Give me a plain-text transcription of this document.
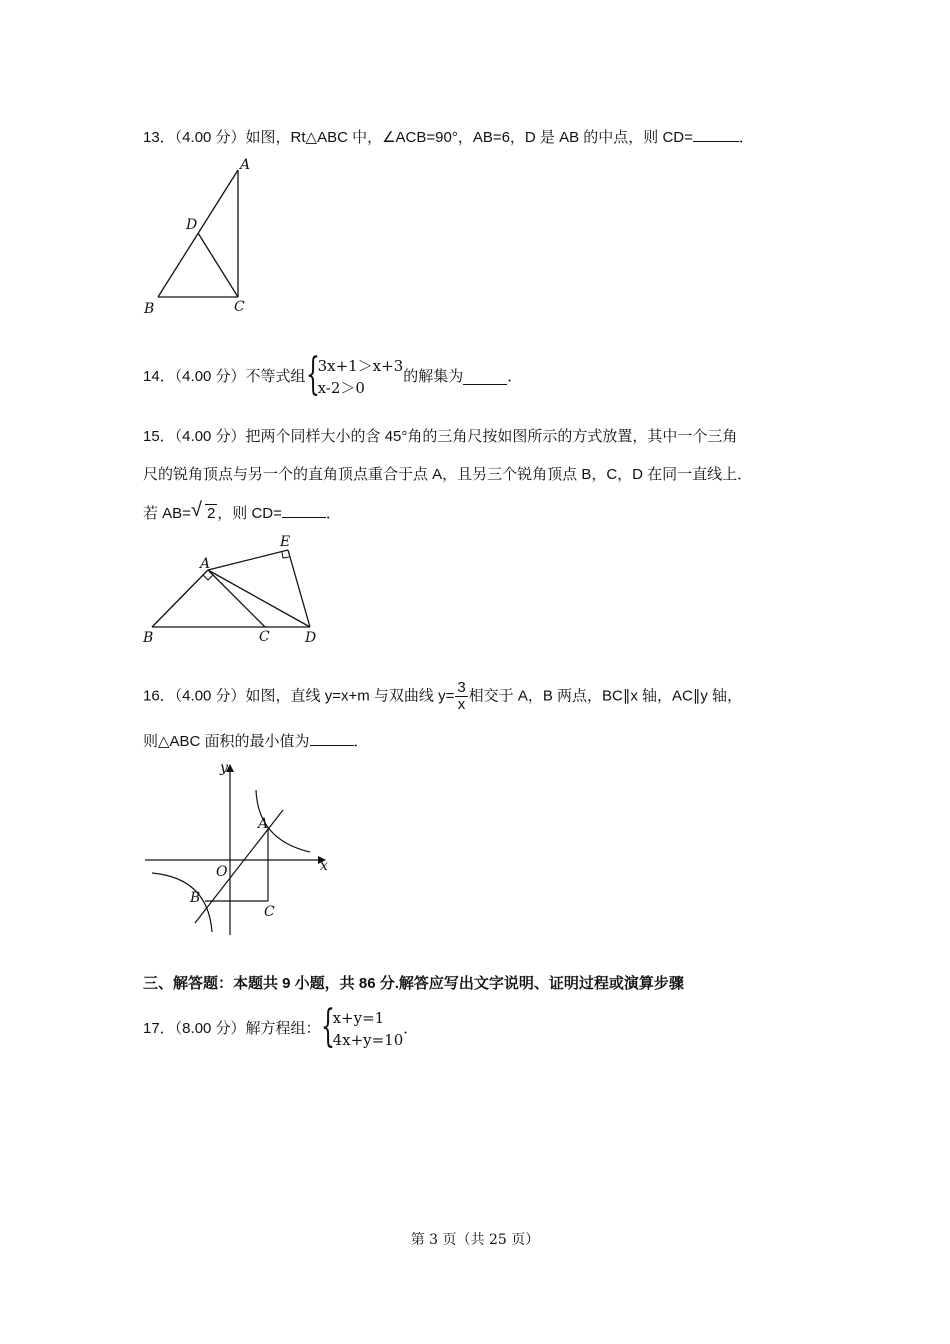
13．（4.00 分）如图，Rt△ABC 中，∠ACB=90°，AB=6，D 是 AB 的中点，则 CD=	．
A
D
B	C
14．（4.00 分）不等式组 {
3x+1＞x+3
x-2＞0
的解集为	．
15．（4.00 分）把两个同样大小的含 45°角的三角尺按如图所示的方式放置，其中一个三角
尺的锐角顶点与另一个的直角顶点重合于点 A，且另三个锐角顶点 B，C，D 在同一直线上．
若 AB= √ 2 ，则 CD=	．
A
E
B	C	D
16．（4.00 分）如图，直线 y=x+m 与双曲线 $y= \frac{3}{x}$ 相交于 A，B 两点，BC∥x 轴，AC∥y 轴，
则△ABC 面积的最小值为	．
y
x
O
A
B
C
三、解答题：本题共 9 小题，共 86 分.解答应写出文字说明、证明过程或演算步骤
17．（8.00 分）解方程组： {
x+y=1
4x+y=10
．
第 3 页（共 25 页）
